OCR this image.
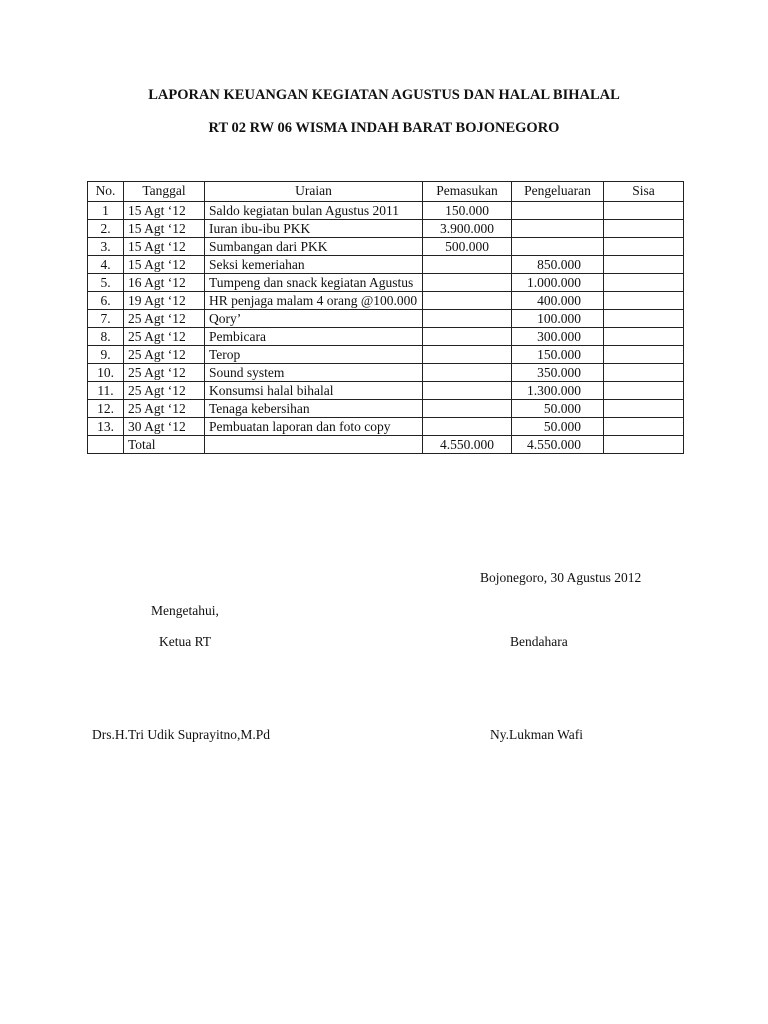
LAPORAN KEUANGAN KEGIATAN AGUSTUS DAN HALAL BIHALAL
RT 02 RW 06 WISMA INDAH BARAT BOJONEGORO
No.	Tanggal	Uraian	Pemasukan	Pengeluaran	Sisa
1	15 Agt ‘12	Saldo kegiatan bulan Agustus 2011	150.000		
2.	15 Agt ‘12	Iuran ibu-ibu PKK	3.900.000		
3.	15 Agt ‘12	Sumbangan dari PKK	500.000		
4.	15 Agt ‘12	Seksi kemeriahan		850.000	
5.	16 Agt ‘12	Tumpeng dan snack kegiatan Agustus		1.000.000	
6.	19 Agt ‘12	HR penjaga malam 4 orang @100.000		400.000	
7.	25 Agt ‘12	Qory’		100.000	
8.	25 Agt ‘12	Pembicara		300.000	
9.	25 Agt ‘12	Terop		150.000	
10.	25 Agt ‘12	Sound system		350.000	
11.	25 Agt ‘12	Konsumsi halal bihalal		1.300.000	
12.	25 Agt ‘12	Tenaga kebersihan		50.000	
13.	30 Agt ‘12	Pembuatan laporan dan foto copy		50.000	
	Total		4.550.000	4.550.000	
Bojonegoro, 30 Agustus 2012
Mengetahui,
Ketua RT	Bendahara
Drs.H.Tri Udik Suprayitno,M.Pd	Ny.Lukman Wafi
